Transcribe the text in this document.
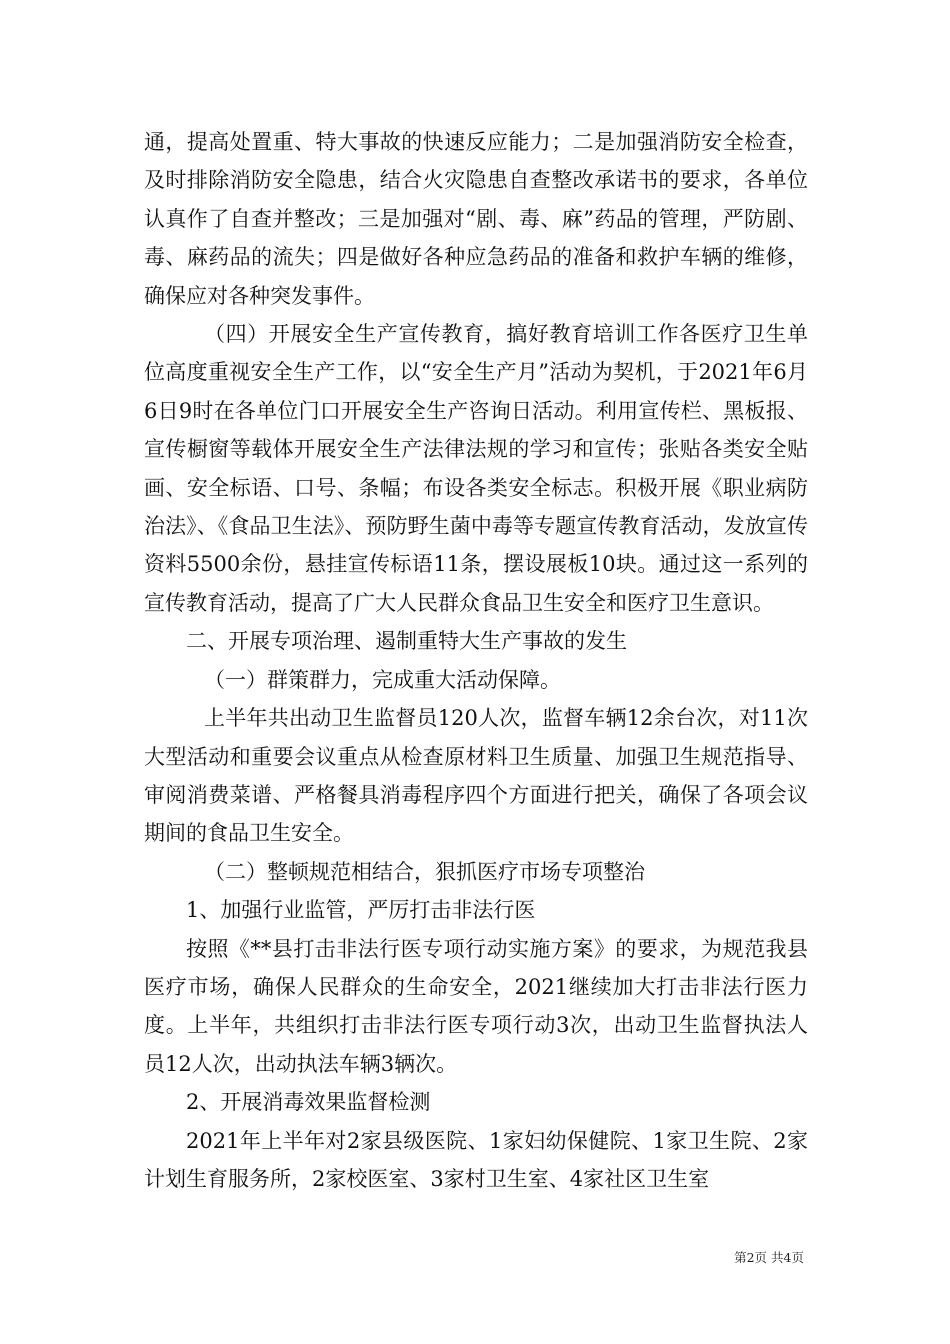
通，提高处置重、特大事故的快速反应能力；二是加强消防安全检查，及时排除消防安全隐患，结合火灾隐患自查整改承诺书的要求，各单位认真作了自查并整改；三是加强对“剧、毒、麻”药品的管理，严防剧、毒、麻药品的流失；四是做好各种应急药品的准备和救护车辆的维修，确保应对各种突发事件。

（四）开展安全生产宣传教育，搞好教育培训工作各医疗卫生单位高度重视安全生产工作，以“安全生产月”活动为契机，于2021年6月6日9时在各单位门口开展安全生产咨询日活动。利用宣传栏、黑板报、宣传橱窗等载体开展安全生产法律法规的学习和宣传；张贴各类安全贴画、安全标语、口号、条幅；布设各类安全标志。积极开展《职业病防治法》、《食品卫生法》、预防野生菌中毒等专题宣传教育活动，发放宣传资料5500余份，悬挂宣传标语11条，摆设展板10块。通过这一系列的宣传教育活动，提高了广大人民群众食品卫生安全和医疗卫生意识。

二、开展专项治理、遏制重特大生产事故的发生

（一）群策群力，完成重大活动保障。

上半年共出动卫生监督员120人次，监督车辆12余台次，对11次大型活动和重要会议重点从检查原材料卫生质量、加强卫生规范指导、审阅消费菜谱、严格餐具消毒程序四个方面进行把关，确保了各项会议期间的食品卫生安全。

（二）整顿规范相结合，狠抓医疗市场专项整治

1、加强行业监管，严厉打击非法行医

按照《**县打击非法行医专项行动实施方案》的要求，为规范我县医疗市场，确保人民群众的生命安全，2021继续加大打击非法行医力度。上半年，共组织打击非法行医专项行动3次，出动卫生监督执法人员12人次，出动执法车辆3辆次。

2、开展消毒效果监督检测

2021年上半年对2家县级医院、1家妇幼保健院、1家卫生院、2家计划生育服务所，2家校医室、3家村卫生室、4家社区卫生室

第2页 共4页
